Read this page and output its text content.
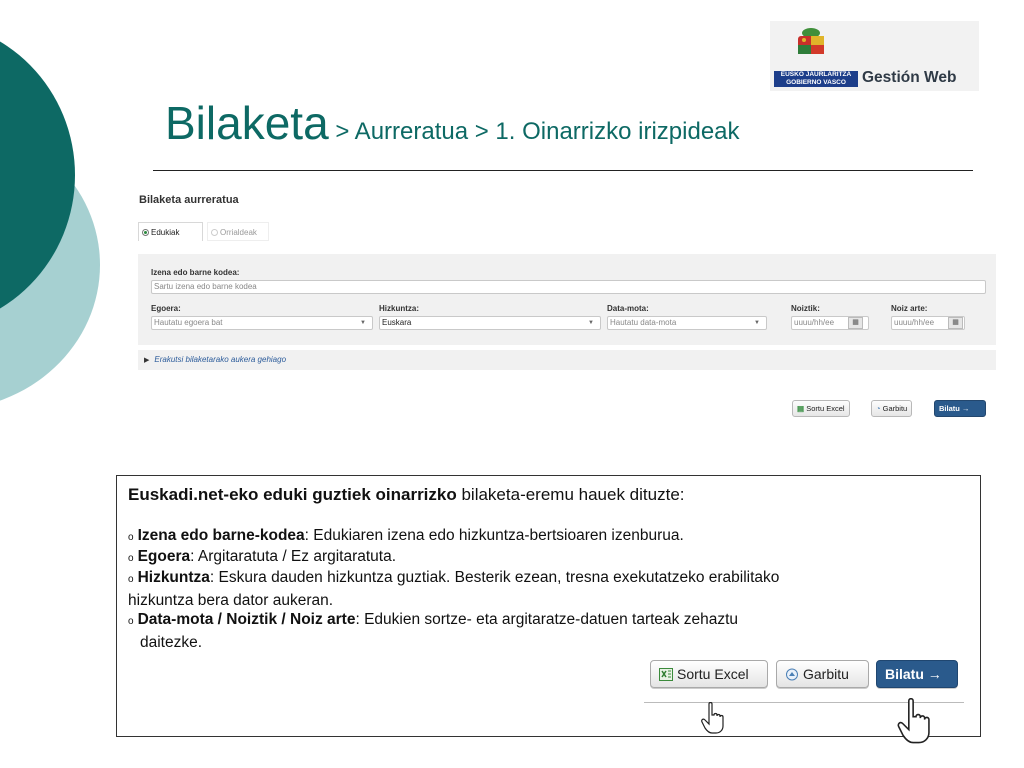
EUSKO JAURLARITZA
GOBIERNO VASCO	Gestión Web
Bilaketa > Aurreratua > 1. Oinarrizko irizpideak
Bilaketa aurreratua
Edukiak	Orrialdeak
Izena edo barne kodea:
Sartu izena edo barne kodea
Egoera:
Hautatu egoera bat	▼
Hizkuntza:
Euskara	▼
Data-mota:
Hautatu data-mota	▼
Noiztik:
uuuu/hh/ee	▦
Noiz arte:
uuuu/hh/ee	▦
▶ Erakutsi bilaketarako aukera gehiago
▤ Sortu Excel	◔ Garbitu	Bilatu →
Euskadi.net-eko eduki guztiek oinarrizko bilaketa-eremu hauek dituzte:
o Izena edo barne-kodea: Edukiaren izena edo hizkuntza-bertsioaren izenburua.
o Egoera: Argitaratuta / Ez argitaratuta.
o Hizkuntza: Eskura dauden hizkuntza guztiak. Besterik ezean, tresna exekutatzeko erabilitako
hizkuntza bera dator aukeran.
o Data-mota / Noiztik / Noiz arte: Edukien sortze- eta argitaratze-datuen tarteak zehaztu
daitezke.
Sortu Excel	Garbitu	Bilatu →
